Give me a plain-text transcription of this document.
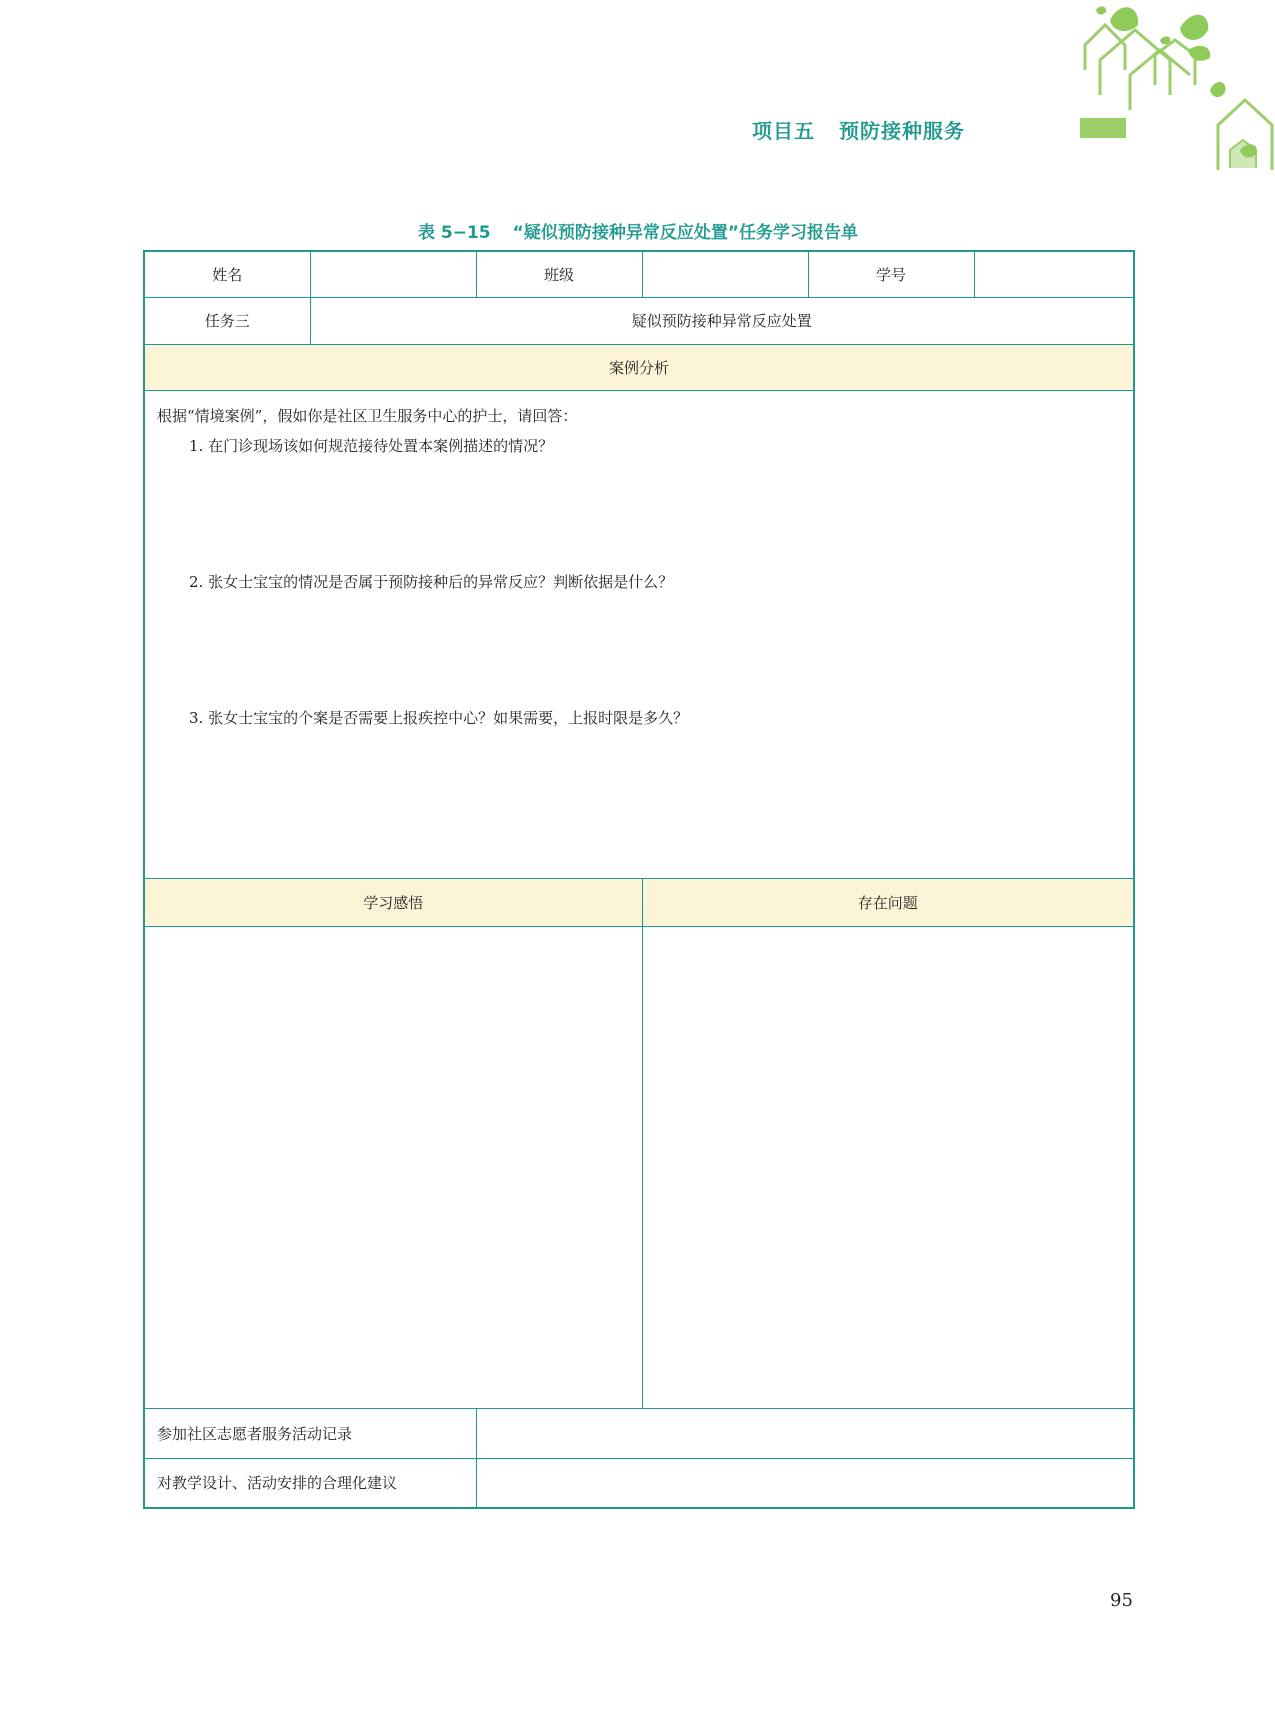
项目五 预防接种服务
表 5−15 “疑似预防接种异常反应处置”任务学习报告单
姓名		班级		学号	
任务三	疑似预防接种异常反应处置				
案例分析					

根据“情境案例”，假如你是社区卫生服务中心的护士，请回答：

1. 在门诊现场该如何规范接待处置本案例描述的情况？

2. 张女士宝宝的情况是否属于预防接种后的异常反应？判断依据是什么？

3. 张女士宝宝的个案是否需要上报疾控中心？如果需要，上报时限是多久？					

学习感悟			存在问题		

参加社区志愿者服务活动记录					
对教学设计、活动安排的合理化建议					
95
